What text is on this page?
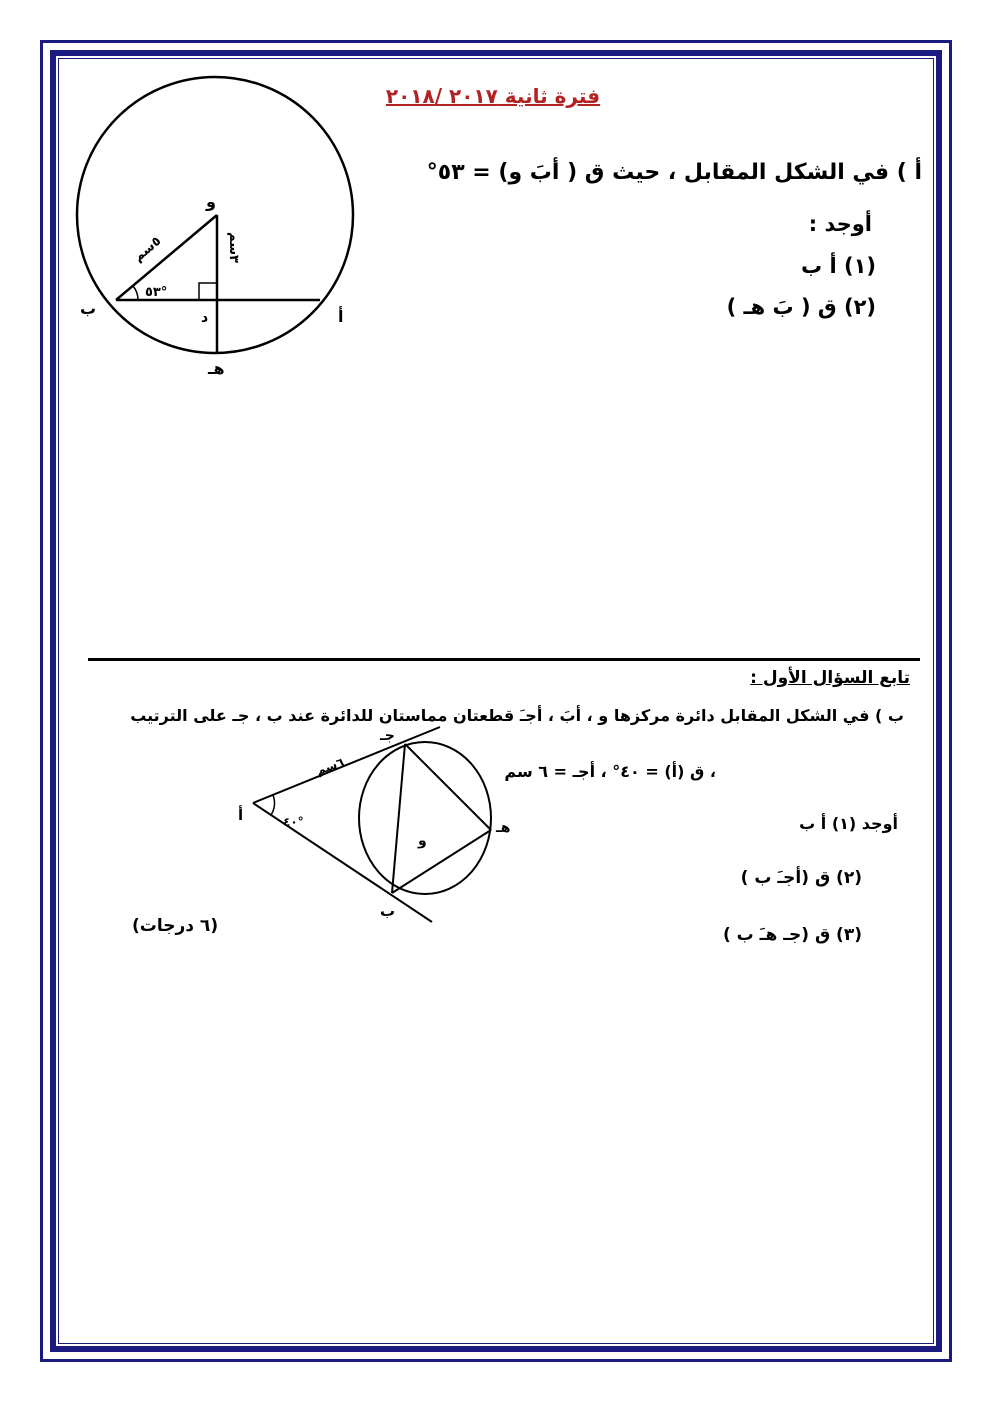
فترة ثانية ٢٠١٧ /٢٠١٨
أ ) في الشكل المقابل ، حيث ق ( أبَ و) = ٥٣°
أوجد :
(١) أ ب
(٢) ق ( بَ هـ )
تابع السؤال الأول :
ب ) في الشكل المقابل دائرة مركزها و ، أبَ ، أجـَ قطعتان مماستان للدائرة عند ب ، جـ على الترتيب
، ق (أ) = ٤٠° ، أجـ = ٦ سم
أوجد (١) أ ب
(٢) ق (أجـَ ب )
(٣) ق (جـ هـَ ب )
(٦ درجات)
و
ب	أ
د
هـ
٥سم	٣سم
٥٣°
جـ
أ
ب
هـ
و
٦سم
٤٠°
